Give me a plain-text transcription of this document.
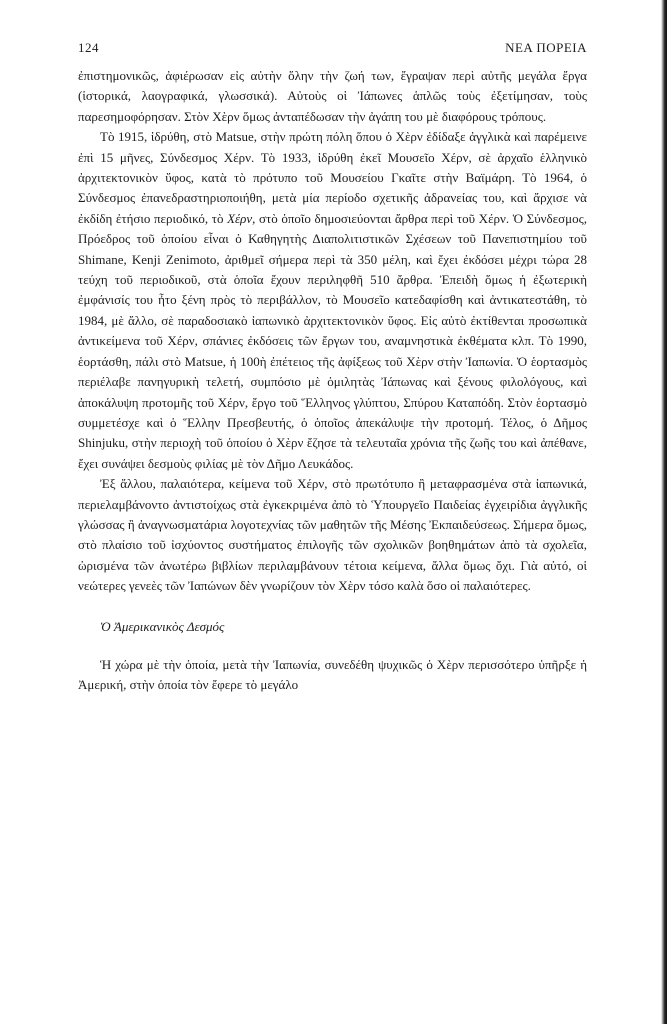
124	ΝΕΑ ΠΟΡΕΙΑ

ἐπιστημονικῶς, ἀφιέρωσαν εἰς αὐτὴν ὅλην τὴν ζωή των, ἔγραψαν περὶ αὐτῆς μεγάλα ἔργα (ἱστορικά, λαογραφικά, γλωσσικά). Αὐτοὺς οἱ Ἰάπωνες ἁπλῶς τοὺς ἐξετίμησαν, τοὺς παρεσημοφόρησαν. Στὸν Χὲρν ὅμως ἀνταπέδωσαν τὴν ἀγάπη του μὲ διαφόρους τρόπους.

Τὸ 1915, ἱδρύθη, στὸ Matsue, στὴν πρώτη πόλη ὅπου ὁ Χὲρν ἐδίδαξε ἀγγλικὰ καὶ παρέμεινε ἐπὶ 15 μῆνες, Σύνδεσμος Χέρν. Τὸ 1933, ἱδρύθη ἐκεῖ Μουσεῖο Χέρν, σὲ ἀρχαῖο ἑλληνικὸ ἀρχιτεκτονικὸν ὕφος, κατὰ τὸ πρότυπο τοῦ Μουσείου Γκαῖτε στὴν Βαϊμάρη. Τὸ 1964, ὁ Σύνδεσμος ἐπανεδραστηριοποιήθη, μετὰ μία περίοδο σχετικῆς ἀδρανείας του, καὶ ἄρχισε νὰ ἐκδίδη ἐτήσιο περιοδικό, τὸ Χέρν, στὸ ὁποῖο δημοσιεύονται ἄρθρα περὶ τοῦ Χέρν. Ὁ Σύνδεσμος, Πρόεδρος τοῦ ὁποίου εἶναι ὁ Καθηγητὴς Διαπολιτιστικῶν Σχέσεων τοῦ Πανεπιστημίου τοῦ Shimane, Kenji Zenimoto, ἀριθμεῖ σήμερα περὶ τὰ 350 μέλη, καὶ ἔχει ἐκδόσει μέχρι τώρα 28 τεύχη τοῦ περιοδικοῦ, στὰ ὁποῖα ἔχουν περιληφθῆ 510 ἄρθρα. Ἐπειδὴ ὅμως ἡ ἐξωτερικὴ ἐμφάνισίς του ἦτο ξένη πρὸς τὸ περιβάλλον, τὸ Μουσεῖο κατεδαφίσθη καὶ ἀντικατεστάθη, τὸ 1984, μὲ ἄλλο, σὲ παραδοσιακὸ ἰαπωνικὸ ἀρχιτεκτονικὸν ὕφος. Εἰς αὐτὸ ἐκτίθενται προσωπικὰ ἀντικείμενα τοῦ Χέρν, σπάνιες ἐκδόσεις τῶν ἔργων του, αναμνηστικὰ ἐκθέματα κλπ. Τὸ 1990, ἑορτάσθη, πάλι στὸ Matsue, ἡ 100ὴ ἐπέτειος τῆς ἀφίξεως τοῦ Χὲρν στὴν Ἰαπωνία. Ὁ ἑορτασμὸς περιέλαβε πανηγυρικὴ τελετή, συμπόσιο μὲ ὁμιλητὰς Ἰάπωνας καὶ ξένους φιλολόγους, καὶ ἀποκάλυψη προτομῆς τοῦ Χέρν, ἔργο τοῦ Ἕλληνος γλύπτου, Σπύρου Καταπόδη. Στὸν ἑορτασμὸ συμμετέσχε καὶ ὁ Ἕλλην Πρεσβευτής, ὁ ὁποῖος ἀπεκάλυψε τὴν προτομή. Τέλος, ὁ Δῆμος Shinjuku, στὴν περιοχὴ τοῦ ὁποίου ὁ Χὲρν ἔζησε τὰ τελευταῖα χρόνια τῆς ζωῆς του καὶ ἀπέθανε, ἔχει συνάψει δεσμοὺς φιλίας μὲ τὸν Δῆμο Λευκάδος.

Ἐξ ἄλλου, παλαιότερα, κείμενα τοῦ Χέρν, στὸ πρωτότυπο ἢ μεταφρασμένα στὰ ἰαπωνικά, περιελαμβάνοντο ἀντιστοίχως στὰ ἐγκεκριμένα ἀπὸ τὸ Ὑπουργεῖο Παιδείας ἐγχειρίδια ἀγγλικῆς γλώσσας ἢ ἀναγνωσματάρια λογοτεχνίας τῶν μαθητῶν τῆς Μέσης Ἐκπαιδεύσεως. Σήμερα ὅμως, στὸ πλαίσιο τοῦ ἰσχύοντος συστήματος ἐπιλογῆς τῶν σχολικῶν βοηθημάτων ἀπὸ τὰ σχολεῖα, ὡρισμένα τῶν ἀνωτέρω βιβλίων περιλαμβάνουν τέτοια κείμενα, ἄλλα ὅμως ὄχι. Γιὰ αὐτό, οἱ νεώτερες γενεὲς τῶν Ἰαπώνων δὲν γνωρίζουν τὸν Χὲρν τόσο καλὰ ὅσο οἱ παλαιότερες.

Ὁ Ἀμερικανικὸς Δεσμός

Ἡ χώρα μὲ τὴν ὁποία, μετὰ τὴν Ἰαπωνία, συνεδέθη ψυχικῶς ὁ Χὲρν περισσότερο ὑπῆρξε ἡ Ἀμερική, στὴν ὁποία τὸν ἔφερε τὸ μεγάλο
